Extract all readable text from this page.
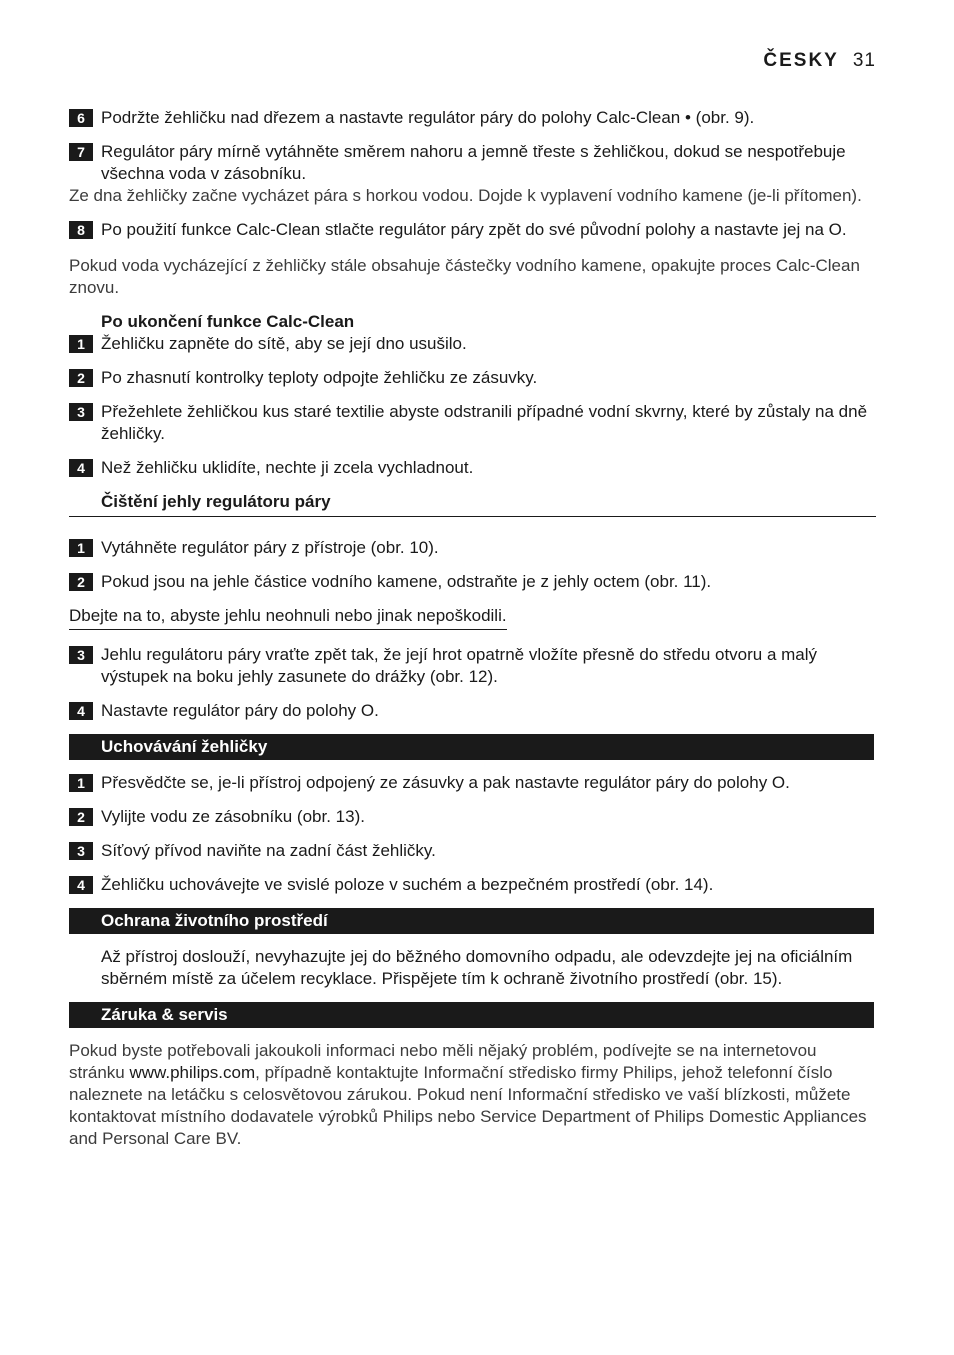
ČESKY 31
6 Podržte žehličku nad dřezem a nastavte regulátor páry do polohy Calc-Clean • (obr. 9).
7 Regulátor páry mírně vytáhněte směrem nahoru a jemně třeste s žehličkou, dokud se nespotřebuje všechna voda v zásobníku.
Ze dna žehličky začne vycházet pára s horkou vodou. Dojde k vyplavení vodního kamene (je-li přítomen).
8 Po použití funkce Calc-Clean stlačte regulátor páry zpět do své původní polohy a nastavte jej na O.
Pokud voda vycházející z žehličky stále obsahuje částečky vodního kamene, opakujte proces Calc-Clean znovu.
Po ukončení funkce Calc-Clean
1 Žehličku zapněte do sítě, aby se její dno usušilo.
2 Po zhasnutí kontrolky teploty odpojte žehličku ze zásuvky.
3 Přežehlete žehličkou kus staré textilie abyste odstranili případné vodní skvrny, které by zůstaly na dně žehličky.
4 Než žehličku uklidíte, nechte ji zcela vychladnout.
Čištění jehly regulátoru páry
1 Vytáhněte regulátor páry z přístroje (obr. 10).
2 Pokud jsou na jehle částice vodního kamene, odstraňte je z jehly octem (obr. 11).
Dbejte na to, abyste jehlu neohnuli nebo jinak nepoškodili.
3 Jehlu regulátoru páry vraťte zpět tak, že její hrot opatrně vložíte přesně do středu otvoru a malý výstupek na boku jehly zasunete do drážky (obr. 12).
4 Nastavte regulátor páry do polohy O.
Uchovávání žehličky
1 Přesvědčte se, je-li přístroj odpojený ze zásuvky a pak nastavte regulátor páry do polohy O.
2 Vylijte vodu ze zásobníku (obr. 13).
3 Síťový přívod naviňte na zadní část žehličky.
4 Žehličku uchovávejte ve svislé poloze v suchém a bezpečném prostředí (obr. 14).
Ochrana životního prostředí
Až přístroj doslouží, nevyhazujte jej do běžného domovního odpadu, ale odevzdejte jej na oficiálním sběrném místě za účelem recyklace. Přispějete tím k ochraně životního prostředí (obr. 15).
Záruka & servis
Pokud byste potřebovali jakoukoli informaci nebo měli nějaký problém, podívejte se na internetovou stránku www.philips.com, případně kontaktujte Informační středisko firmy Philips, jehož telefonní číslo naleznete na letáčku s celosvětovou zárukou. Pokud není Informační středisko ve vaší blízkosti, můžete kontaktovat místního dodavatele výrobků Philips nebo Service Department of Philips Domestic Appliances and Personal Care BV.
